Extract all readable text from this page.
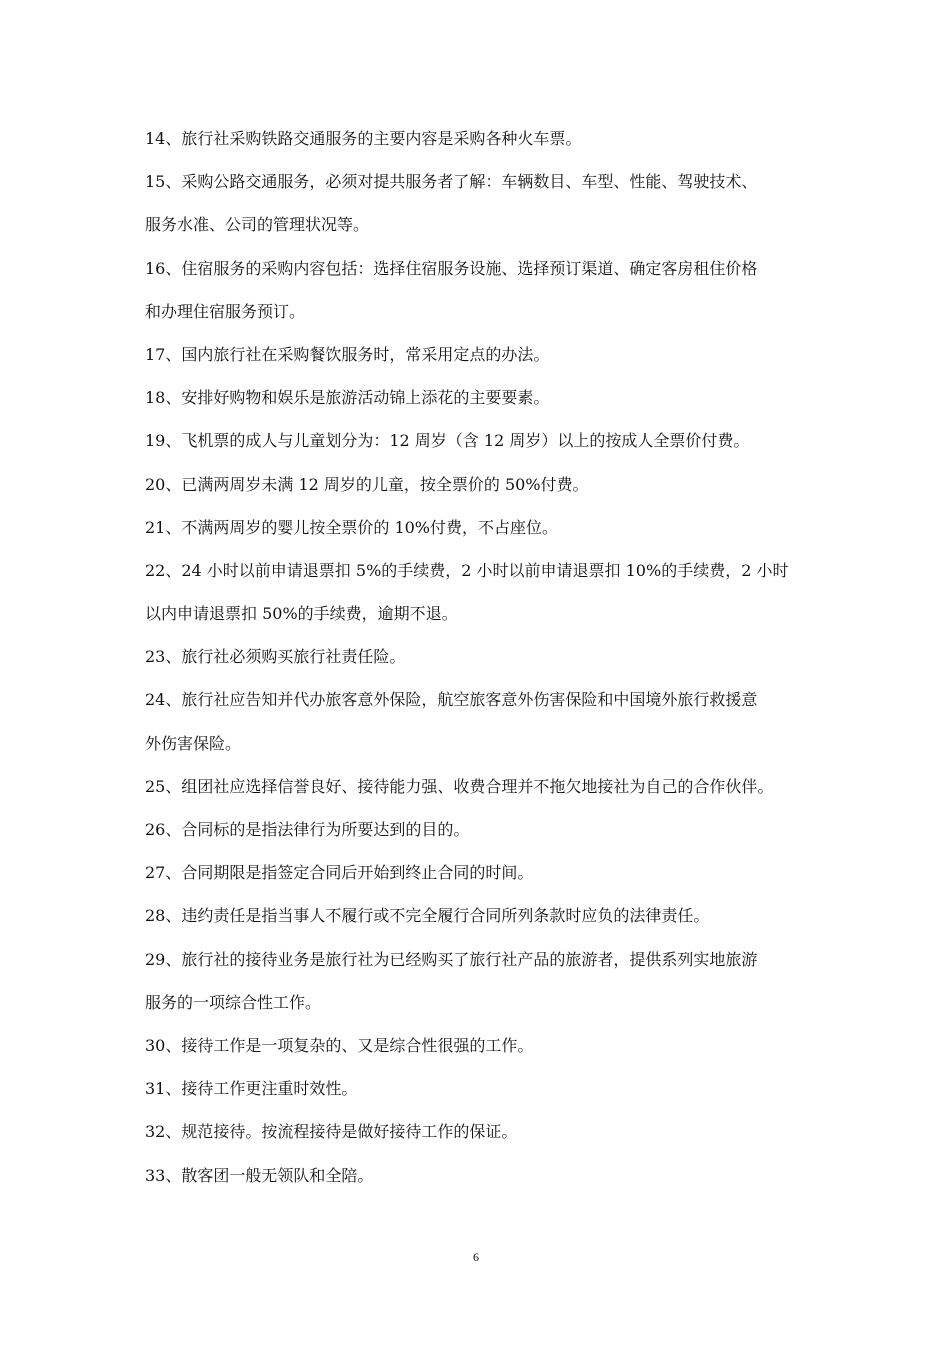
14、旅行社采购铁路交通服务的主要内容是采购各种火车票。
15、采购公路交通服务，必须对提共服务者了解：车辆数目、车型、性能、驾驶技术、
服务水准、公司的管理状况等。
16、住宿服务的采购内容包括：选择住宿服务设施、选择预订渠道、确定客房租住价格
和办理住宿服务预订。
17、国内旅行社在采购餐饮服务时，常采用定点的办法。
18、安排好购物和娱乐是旅游活动锦上添花的主要要素。
19、飞机票的成人与儿童划分为：12 周岁（含 12 周岁）以上的按成人全票价付费。
20、已满两周岁未满 12 周岁的儿童，按全票价的 50%付费。
21、不满两周岁的婴儿按全票价的 10%付费，不占座位。
22、24 小时以前申请退票扣 5%的手续费，2 小时以前申请退票扣 10%的手续费，2 小时
以内申请退票扣 50%的手续费，逾期不退。
23、旅行社必须购买旅行社责任险。
24、旅行社应告知并代办旅客意外保险，航空旅客意外伤害保险和中国境外旅行救援意
外伤害保险。
25、组团社应选择信誉良好、接待能力强、收费合理并不拖欠地接社为自己的合作伙伴。
26、合同标的是指法律行为所要达到的目的。
27、合同期限是指签定合同后开始到终止合同的时间。
28、违约责任是指当事人不履行或不完全履行合同所列条款时应负的法律责任。
29、旅行社的接待业务是旅行社为已经购买了旅行社产品的旅游者，提供系列实地旅游
服务的一项综合性工作。
30、接待工作是一项复杂的、又是综合性很强的工作。
31、接待工作更注重时效性。
32、规范接待。按流程接待是做好接待工作的保证。
33、散客团一般无领队和全陪。
6
